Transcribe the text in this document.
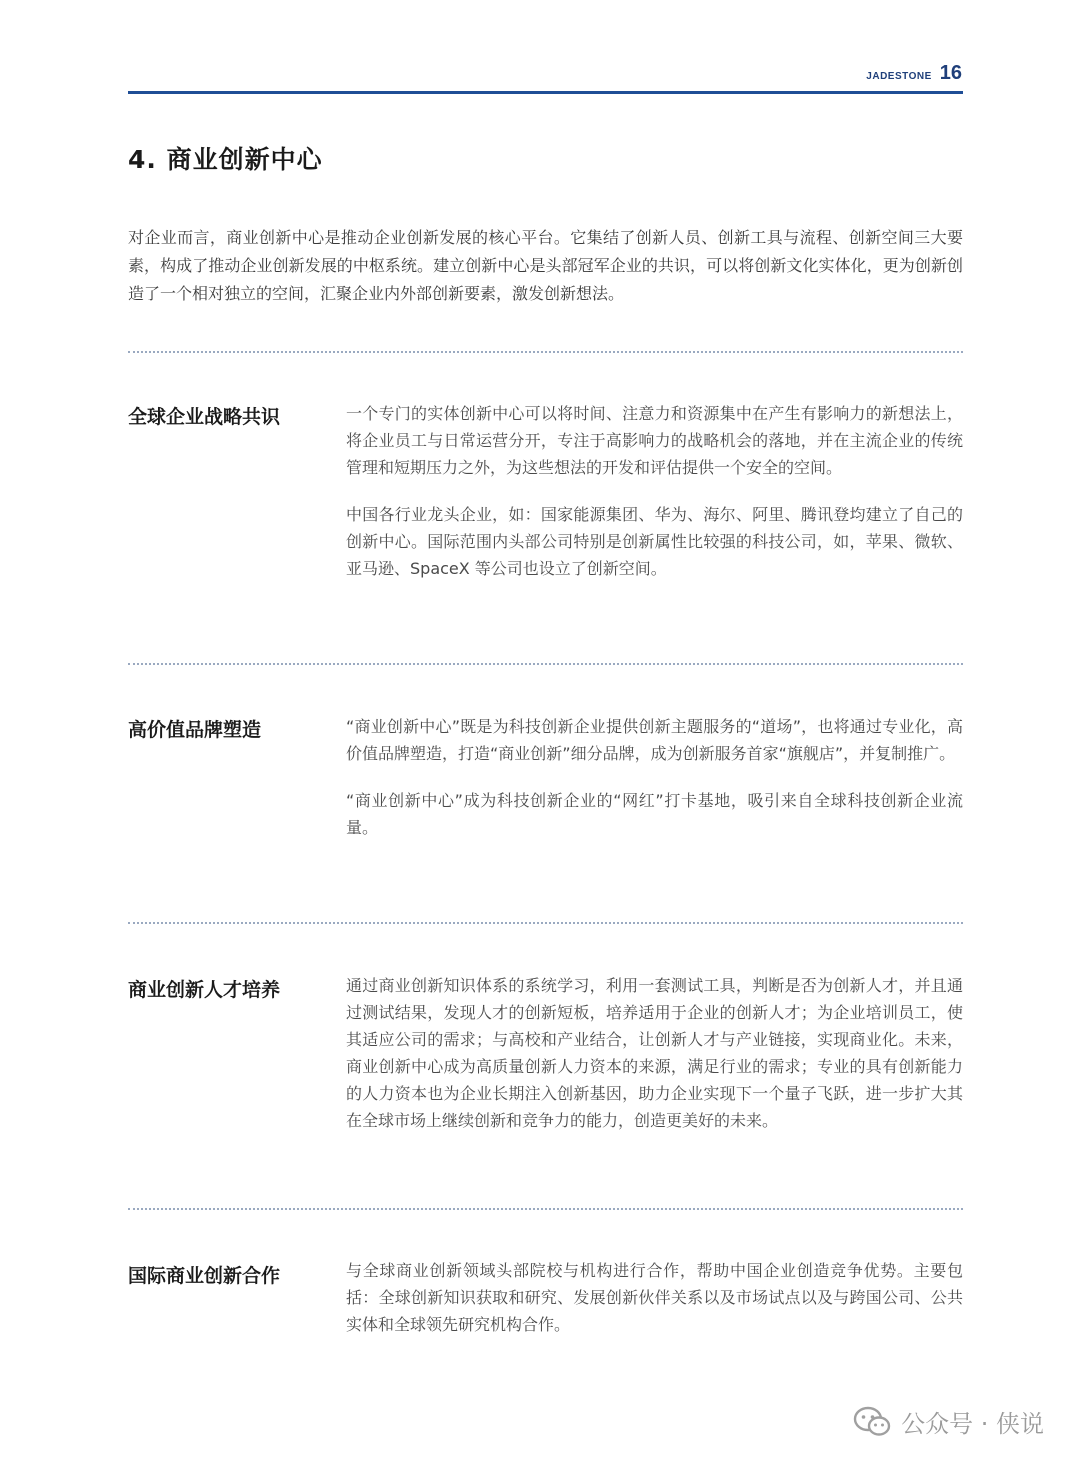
JADESTONE 16
4. 商业创新中心

对企业而言，商业创新中心是推动企业创新发展的核心平台。它集结了创新人员、创新工具与流程、创新空间三大要素，构成了推动企业创新发展的中枢系统。建立创新中心是头部冠军企业的共识，可以将创新文化实体化，更为创新创造了一个相对独立的空间，汇聚企业内外部创新要素，激发创新想法。

全球企业战略共识	一个专门的实体创新中心可以将时间、注意力和资源集中在产生有影响力的新想法上，将企业员工与日常运营分开，专注于高影响力的战略机会的落地，并在主流企业的传统管理和短期压力之外，为这些想法的开发和评估提供一个安全的空间。

中国各行业龙头企业，如：国家能源集团、华为、海尔、阿里、腾讯登均建立了自己的创新中心。国际范围内头部公司特别是创新属性比较强的科技公司，如，苹果、微软、亚马逊、SpaceX 等公司也设立了创新空间。

高价值品牌塑造	“商业创新中心”既是为科技创新企业提供创新主题服务的“道场”，也将通过专业化，高价值品牌塑造，打造“商业创新”细分品牌，成为创新服务首家“旗舰店”，并复制推广。

“商业创新中心”成为科技创新企业的“网红”打卡基地，吸引来自全球科技创新企业流量。

商业创新人才培养	通过商业创新知识体系的系统学习，利用一套测试工具，判断是否为创新人才，并且通过测试结果，发现人才的创新短板，培养适用于企业的创新人才；为企业培训员工，使其适应公司的需求；与高校和产业结合，让创新人才与产业链接，实现商业化。未来，商业创新中心成为高质量创新人力资本的来源，满足行业的需求；专业的具有创新能力的人力资本也为企业长期注入创新基因，助力企业实现下一个量子飞跃，进一步扩大其在全球市场上继续创新和竞争力的能力，创造更美好的未来。

国际商业创新合作	与全球商业创新领域头部院校与机构进行合作，帮助中国企业创造竞争优势。主要包括：全球创新知识获取和研究、发展创新伙伴关系以及市场试点以及与跨国公司、公共实体和全球领先研究机构合作。

公众号 · 侠说
